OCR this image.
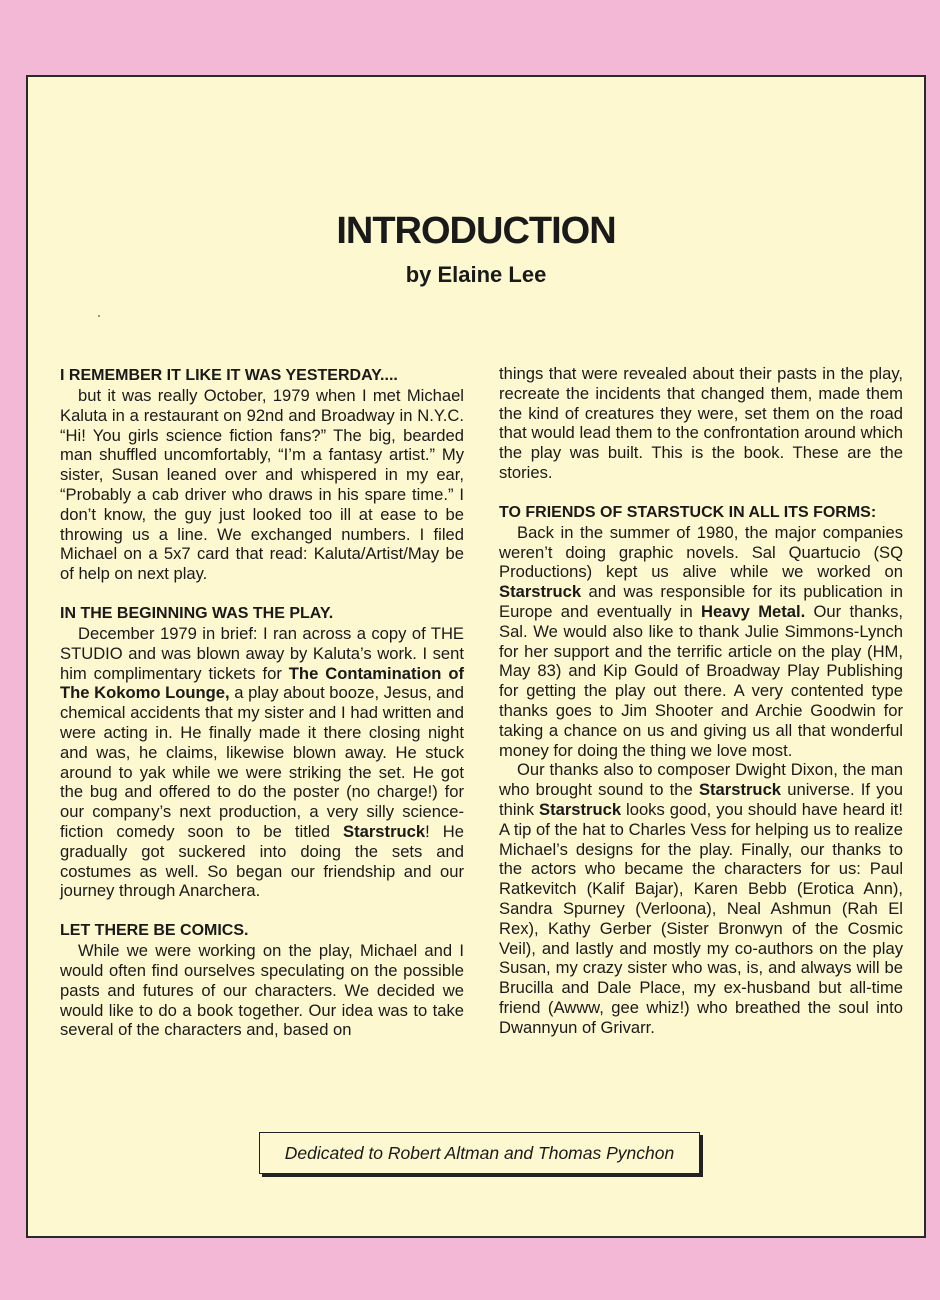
INTRODUCTION
by Elaine Lee
I REMEMBER IT LIKE IT WAS YESTERDAY....

but it was really October, 1979 when I met Michael Kaluta in a restaurant on 92nd and Broadway in N.Y.C. “Hi! You girls science fiction fans?” The big, bearded man shuffled uncomfortably, “I’m a fantasy artist.” My sister, Susan leaned over and whispered in my ear, “Probably a cab driver who draws in his spare time.” I don’t know, the guy just looked too ill at ease to be throwing us a line. We exchanged numbers. I filed Michael on a 5x7 card that read: Kaluta/Artist/May be of help on next play.

IN THE BEGINNING WAS THE PLAY.

December 1979 in brief: I ran across a copy of THE STUDIO and was blown away by Kaluta’s work. I sent him complimentary tickets for The Contamination of The Kokomo Lounge, a play about booze, Jesus, and chemical accidents that my sister and I had written and were acting in. He finally made it there closing night and was, he claims, likewise blown away. He stuck around to yak while we were striking the set. He got the bug and offered to do the poster (no charge!) for our company’s next production, a very silly science-fiction comedy soon to be titled Starstruck! He gradually got suckered into doing the sets and costumes as well. So began our friendship and our journey through Anarchera.

LET THERE BE COMICS.

While we were working on the play, Michael and I would often find ourselves speculating on the possible pasts and futures of our characters. We decided we would like to do a book together. Our idea was to take several of the characters and, based on

things that were revealed about their pasts in the play, recreate the incidents that changed them, made them the kind of creatures they were, set them on the road that would lead them to the confrontation around which the play was built. This is the book. These are the stories.

TO FRIENDS OF STARSTUCK IN ALL ITS FORMS:

Back in the summer of 1980, the major companies weren’t doing graphic novels. Sal Quartucio (SQ Productions) kept us alive while we worked on Starstruck and was responsible for its publication in Europe and eventually in Heavy Metal. Our thanks, Sal. We would also like to thank Julie Simmons-Lynch for her support and the terrific article on the play (HM, May 83) and Kip Gould of Broadway Play Publishing for getting the play out there. A very contented type thanks goes to Jim Shooter and Archie Goodwin for taking a chance on us and giving us all that wonderful money for doing the thing we love most.

Our thanks also to composer Dwight Dixon, the man who brought sound to the Starstruck universe. If you think Starstruck looks good, you should have heard it! A tip of the hat to Charles Vess for helping us to realize Michael’s designs for the play. Finally, our thanks to the actors who became the characters for us: Paul Ratkevitch (Kalif Bajar), Karen Bebb (Erotica Ann), Sandra Spurney (Verloona), Neal Ashmun (Rah El Rex), Kathy Gerber (Sister Bronwyn of the Cosmic Veil), and lastly and mostly my co-authors on the play Susan, my crazy sister who was, is, and always will be Brucilla and Dale Place, my ex-husband but all-time friend (Awww, gee whiz!) who breathed the soul into Dwannyun of Grivarr.

Dedicated to Robert Altman and Thomas Pynchon
